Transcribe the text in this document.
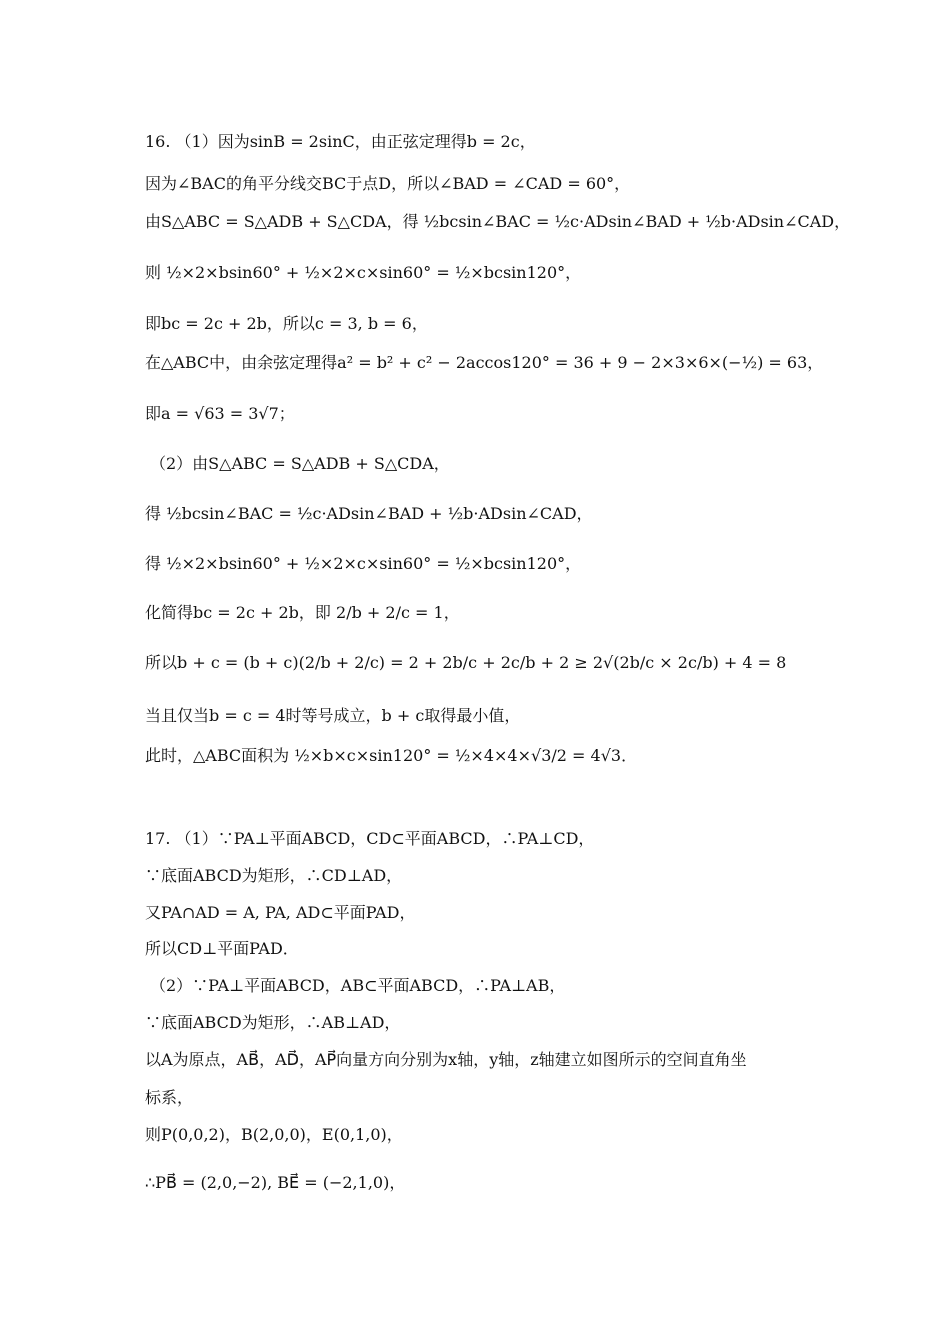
16. （1）因为sinB = 2sinC，由正弦定理得b = 2c，
因为∠BAC的角平分线交BC于点D，所以∠BAD = ∠CAD = 60°，
由S△ABC = S△ADB + S△CDA，得 ½bcsin∠BAC = ½c·ADsin∠BAD + ½b·ADsin∠CAD，
则 ½×2×bsin60° + ½×2×c×sin60° = ½×bcsin120°，
即bc = 2c + 2b，所以c = 3, b = 6，
在△ABC中，由余弦定理得a² = b² + c² − 2accos120° = 36 + 9 − 2×3×6×(−½) = 63，
即a = √63 = 3√7；
（2）由S△ABC = S△ADB + S△CDA，
得 ½bcsin∠BAC = ½c·ADsin∠BAD + ½b·ADsin∠CAD，
得 ½×2×bsin60° + ½×2×c×sin60° = ½×bcsin120°，
化简得bc = 2c + 2b，即 2/b + 2/c = 1，
所以b + c = (b + c)(2/b + 2/c) = 2 + 2b/c + 2c/b + 2 ≥ 2√(2b/c × 2c/b) + 4 = 8
当且仅当b = c = 4时等号成立，b + c取得最小值，
此时，△ABC面积为 ½×b×c×sin120° = ½×4×4×√3/2 = 4√3．
17. （1）∵PA⊥平面ABCD，CD⊂平面ABCD，∴PA⊥CD，
∵底面ABCD为矩形，∴CD⊥AD，
又PA∩AD = A, PA, AD⊂平面PAD，
所以CD⊥平面PAD．
（2）∵PA⊥平面ABCD，AB⊂平面ABCD，∴PA⊥AB，
∵底面ABCD为矩形，∴AB⊥AD，
以A为原点，AB⃗，AD⃗，AP⃗向量方向分别为x轴，y轴，z轴建立如图所示的空间直角坐
标系，
则P(0,0,2)，B(2,0,0)，E(0,1,0)，
∴PB⃗ = (2,0,−2), BE⃗ = (−2,1,0)，
